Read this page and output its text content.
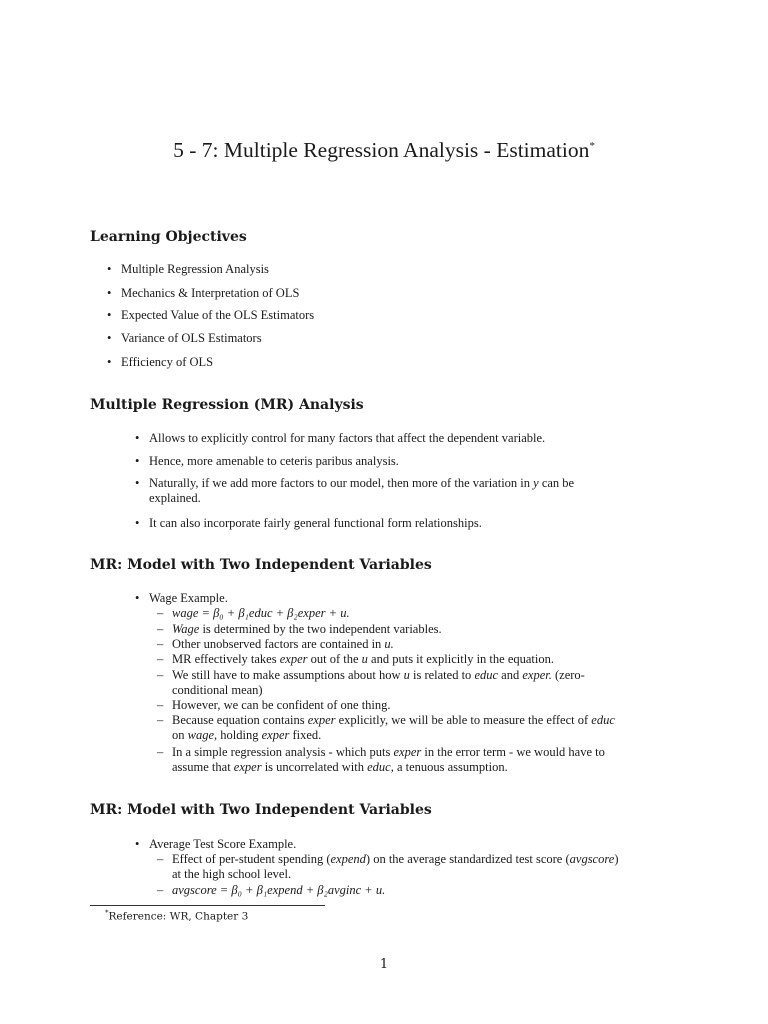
5 - 7: Multiple Regression Analysis - Estimation*
Learning Objectives
• Multiple Regression Analysis
• Mechanics & Interpretation of OLS
• Expected Value of the OLS Estimators
• Variance of OLS Estimators
• Efficiency of OLS
Multiple Regression (MR) Analysis
• Allows to explicitly control for many factors that affect the dependent variable.
• Hence, more amenable to ceteris paribus analysis.
• Naturally, if we add more factors to our model, then more of the variation in y can be
explained.
• It can also incorporate fairly general functional form relationships.
MR: Model with Two Independent Variables
• Wage Example.
– wage = β₀ + β₁educ + β₂exper + u.
– Wage is determined by the two independent variables.
– Other unobserved factors are contained in u.
– MR effectively takes exper out of the u and puts it explicitly in the equation.
– We still have to make assumptions about how u is related to educ and exper. (zero-
conditional mean)
– However, we can be confident of one thing.
– Because equation contains exper explicitly, we will be able to measure the effect of educ
on wage, holding exper fixed.
– In a simple regression analysis - which puts exper in the error term - we would have to
assume that exper is uncorrelated with educ, a tenuous assumption.
MR: Model with Two Independent Variables
• Average Test Score Example.
– Effect of per-student spending (expend) on the average standardized test score (avgscore)
at the high school level.
– avgscore = β₀ + β₁expend + β₂avginc + u.
*Reference: WR, Chapter 3
1
